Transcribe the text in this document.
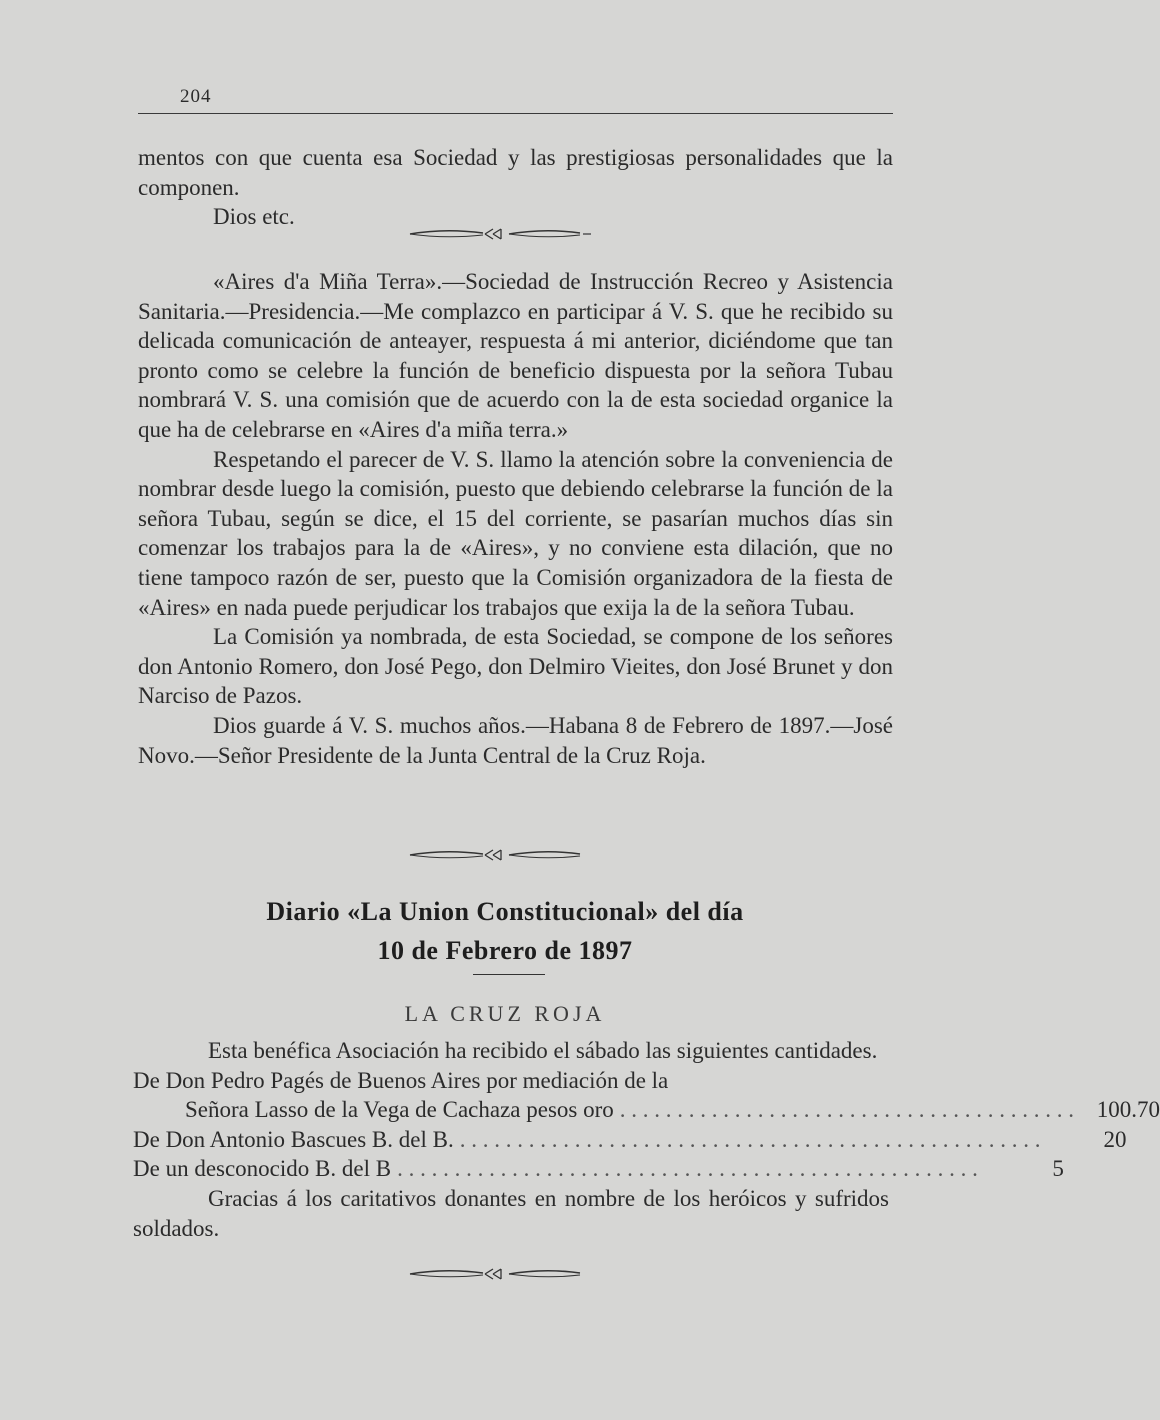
204

mentos con que cuenta esa Sociedad y las prestigiosas personalidades que la componen.

Dios etc.

«Aires d'a Miña Terra».—Sociedad de Instrucción Recreo y Asistencia Sanitaria.—Presidencia.—Me complazco en participar á V. S. que he recibido su delicada comunicación de anteayer, respuesta á mi anterior, diciéndome que tan pronto como se celebre la función de beneficio dispuesta por la señora Tubau nombrará V. S. una comisión que de acuerdo con la de esta sociedad organice la que ha de celebrarse en «Aires d'a miña terra.»

Respetando el parecer de V. S. llamo la atención sobre la conveniencia de nombrar desde luego la comisión, puesto que debiendo celebrarse la función de la señora Tubau, según se dice, el 15 del corriente, se pasarían muchos días sin comenzar los trabajos para la de «Aires», y no conviene esta dilación, que no tiene tampoco razón de ser, puesto que la Comisión organizadora de la fiesta de «Aires» en nada puede perjudicar los trabajos que exija la de la señora Tubau.

La Comisión ya nombrada, de esta Sociedad, se compone de los señores don Antonio Romero, don José Pego, don Delmiro Vieites, don José Brunet y don Narciso de Pazos.

Dios guarde á V. S. muchos años.—Habana 8 de Febrero de 1897.—José Novo.—Señor Presidente de la Junta Central de la Cruz Roja.

Diario «La Union Constitucional» del día
10 de Febrero de 1897
LA CRUZ ROJA

Esta benéfica Asociación ha recibido el sábado las siguientes cantidades.

De Don Pedro Pagés de Buenos Aires por mediación de la
Señora Lasso de la Vega de Cachaza pesos oro . . . . . . . . . . . . . . . . . . . . . . . . . . . . . . . . . . . . . . . . 100.70
De Don Antonio Bascues B. del B. . . . . . . . . . . . . . . . . . . . . . . . . . . . . . . . . . . . . . . . . . . . . . . . . . . .	20
De un desconocido B. del B . . . . . . . . . . . . . . . . . . . . . . . . . . . . . . . . . . . . . . . . . . . . . . . . . . .	5

Gracias á los caritativos donantes en nombre de los heróicos y sufridos soldados.
